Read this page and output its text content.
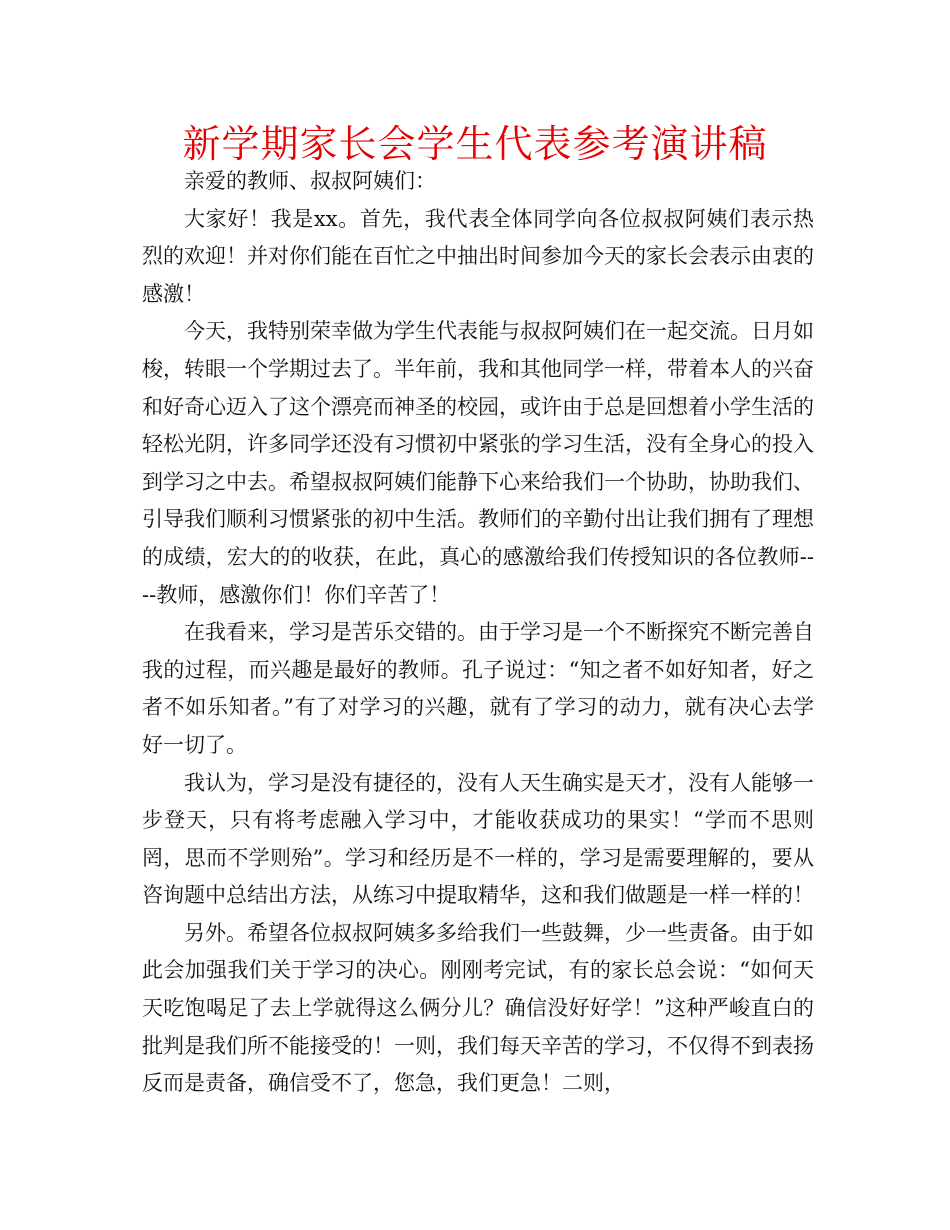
新学期家长会学生代表参考演讲稿

亲爱的教师、叔叔阿姨们：

大家好！我是xx。首先，我代表全体同学向各位叔叔阿姨们表示热烈的欢迎！并对你们能在百忙之中抽出时间参加今天的家长会表示由衷的感激！

今天，我特别荣幸做为学生代表能与叔叔阿姨们在一起交流。日月如梭，转眼一个学期过去了。半年前，我和其他同学一样，带着本人的兴奋和好奇心迈入了这个漂亮而神圣的校园，或许由于总是回想着小学生活的轻松光阴，许多同学还没有习惯初中紧张的学习生活，没有全身心的投入到学习之中去。希望叔叔阿姨们能静下心来给我们一个协助，协助我们、引导我们顺利习惯紧张的初中生活。教师们的辛勤付出让我们拥有了理想的成绩，宏大的的收获，在此，真心的感激给我们传授知识的各位教师----教师，感激你们！你们辛苦了！

在我看来，学习是苦乐交错的。由于学习是一个不断探究不断完善自我的过程，而兴趣是最好的教师。孔子说过：“知之者不如好知者，好之者不如乐知者。”有了对学习的兴趣，就有了学习的动力，就有决心去学好一切了。

我认为，学习是没有捷径的，没有人天生确实是天才，没有人能够一步登天，只有将考虑融入学习中，才能收获成功的果实！“学而不思则罔，思而不学则殆”。学习和经历是不一样的，学习是需要理解的，要从咨询题中总结出方法，从练习中提取精华，这和我们做题是一样一样的！

另外。希望各位叔叔阿姨多多给我们一些鼓舞，少一些责备。由于如此会加强我们关于学习的决心。刚刚考完试，有的家长总会说：“如何天天吃饱喝足了去上学就得这么俩分儿？确信没好好学！”这种严峻直白的批判是我们所不能接受的！一则，我们每天辛苦的学习，不仅得不到表扬反而是责备，确信受不了，您急，我们更急！二则，
